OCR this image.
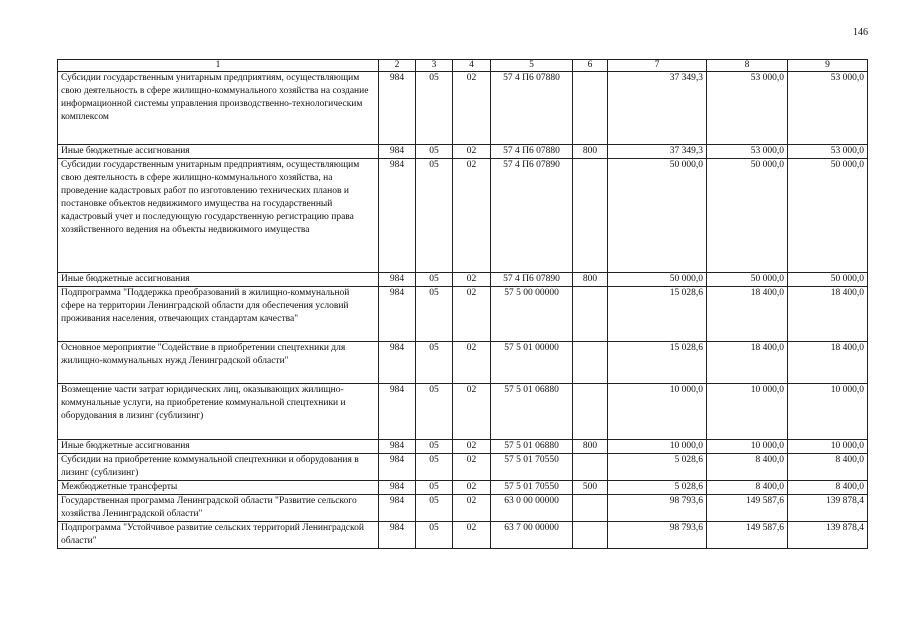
146
1	2	3	4	5	6	7	8	9
Субсидии государственным унитарным предприятиям, осуществляющим свою деятельность в сфере жилищно-коммунального хозяйства на создание информационной системы управления производственно-технологическим комплексом	984	05	02	57 4 П6 07880		37 349,3	53 000,0	53 000,0
Иные бюджетные ассигнования	984	05	02	57 4 П6 07880	800	37 349,3	53 000,0	53 000,0
Субсидии государственным унитарным предприятиям, осуществляющим свою деятельность в сфере жилищно-коммунального хозяйства, на проведение кадастровых работ по изготовлению технических планов и постановке объектов недвижимого имущества на государственный кадастровый учет и последующую государственную регистрацию права хозяйственного ведения на объекты недвижимого имущества	984	05	02	57 4 П6 07890		50 000,0	50 000,0	50 000,0
Иные бюджетные ассигнования	984	05	02	57 4 П6 07890	800	50 000,0	50 000,0	50 000,0
Подпрограмма "Поддержка преобразований в жилищно-коммунальной сфере на территории Ленинградской области для обеспечения условий проживания населения, отвечающих стандартам качества"	984	05	02	57 5 00 00000		15 028,6	18 400,0	18 400,0
Основное мероприятие "Содействие в приобретении спецтехники для жилищно-коммунальных нужд Ленинградской области"	984	05	02	57 5 01 00000		15 028,6	18 400,0	18 400,0
Возмещение части затрат юридических лиц, оказывающих жилищно-коммунальные услуги, на приобретение коммунальной спецтехники и оборудования в лизинг (сублизинг)	984	05	02	57 5 01 06880		10 000,0	10 000,0	10 000,0
Иные бюджетные ассигнования	984	05	02	57 5 01 06880	800	10 000,0	10 000,0	10 000,0
Субсидии на приобретение коммунальной спецтехники и оборудования в лизинг (сублизинг)	984	05	02	57 5 01 70550		5 028,6	8 400,0	8 400,0
Межбюджетные трансферты	984	05	02	57 5 01 70550	500	5 028,6	8 400,0	8 400,0
Государственная программа Ленинградской области "Развитие сельского хозяйства Ленинградской области"	984	05	02	63 0 00 00000		98 793,6	149 587,6	139 878,4
Подпрограмма "Устойчивое развитие сельских территорий Ленинградской области"	984	05	02	63 7 00 00000		98 793,6	149 587,6	139 878,4
